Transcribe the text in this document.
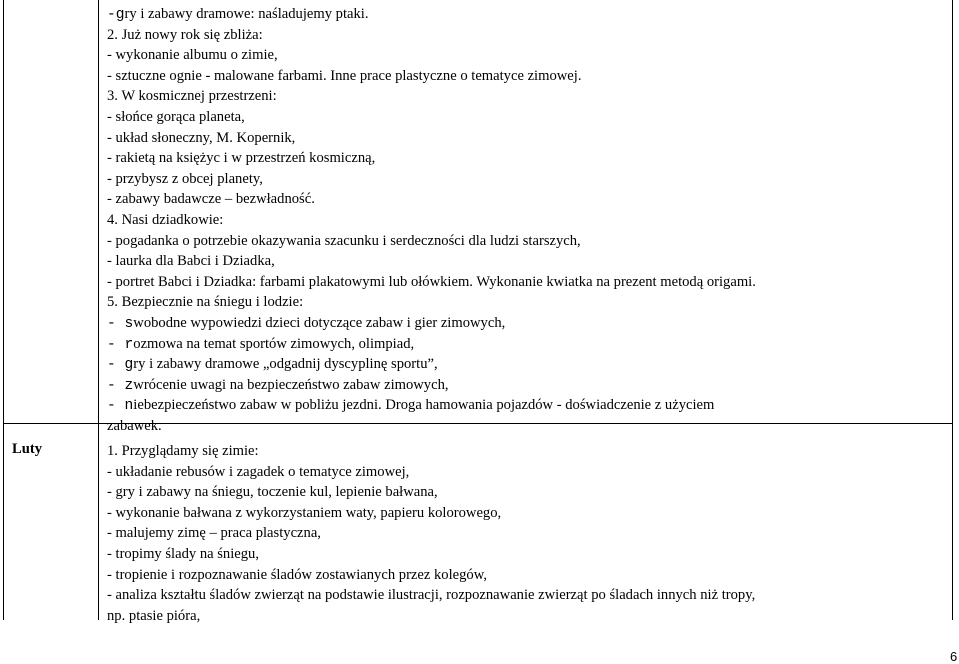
-gry i zabawy dramowe: naśladujemy ptaki.
2. Już nowy rok się zbliża:
- wykonanie albumu o zimie,
- sztuczne ognie - malowane farbami. Inne prace plastyczne o tematyce zimowej.
3. W kosmicznej przestrzeni:
- słońce gorąca planeta,
- układ słoneczny, M. Kopernik,
- rakietą na księżyc i w przestrzeń kosmiczną,
- przybysz z obcej planety,
- zabawy badawcze – bezwładność.
4. Nasi dziadkowie:
- pogadanka o potrzebie okazywania szacunku i serdeczności dla ludzi starszych,
- laurka dla Babci i Dziadka,
- portret Babci i Dziadka: farbami plakatowymi lub ołówkiem. Wykonanie kwiatka na prezent metodą origami.
5. Bezpiecznie na śniegu i lodzie:
- swobodne wypowiedzi dzieci dotyczące zabaw i gier zimowych,
- rozmowa na temat sportów zimowych, olimpiad,
- gry i zabawy dramowe „odgadnij dyscyplinę sportu”,
- zwrócenie uwagi na bezpieczeństwo zabaw zimowych,
- niebezpieczeństwo zabaw w pobliżu jezdni. Droga hamowania pojazdów - doświadczenie z użyciem
zabawek.
Luty	1. Przyglądamy się zimie:
- układanie rebusów i zagadek o tematyce zimowej,
- gry i zabawy na śniegu, toczenie kul, lepienie bałwana,
- wykonanie bałwana z wykorzystaniem waty, papieru kolorowego,
- malujemy zimę – praca plastyczna,
- tropimy ślady na śniegu,
- tropienie i rozpoznawanie śladów zostawianych przez kolegów,
- analiza kształtu śladów zwierząt na podstawie ilustracji, rozpoznawanie zwierząt po śladach innych niż tropy,
np. ptasie pióra,
6
